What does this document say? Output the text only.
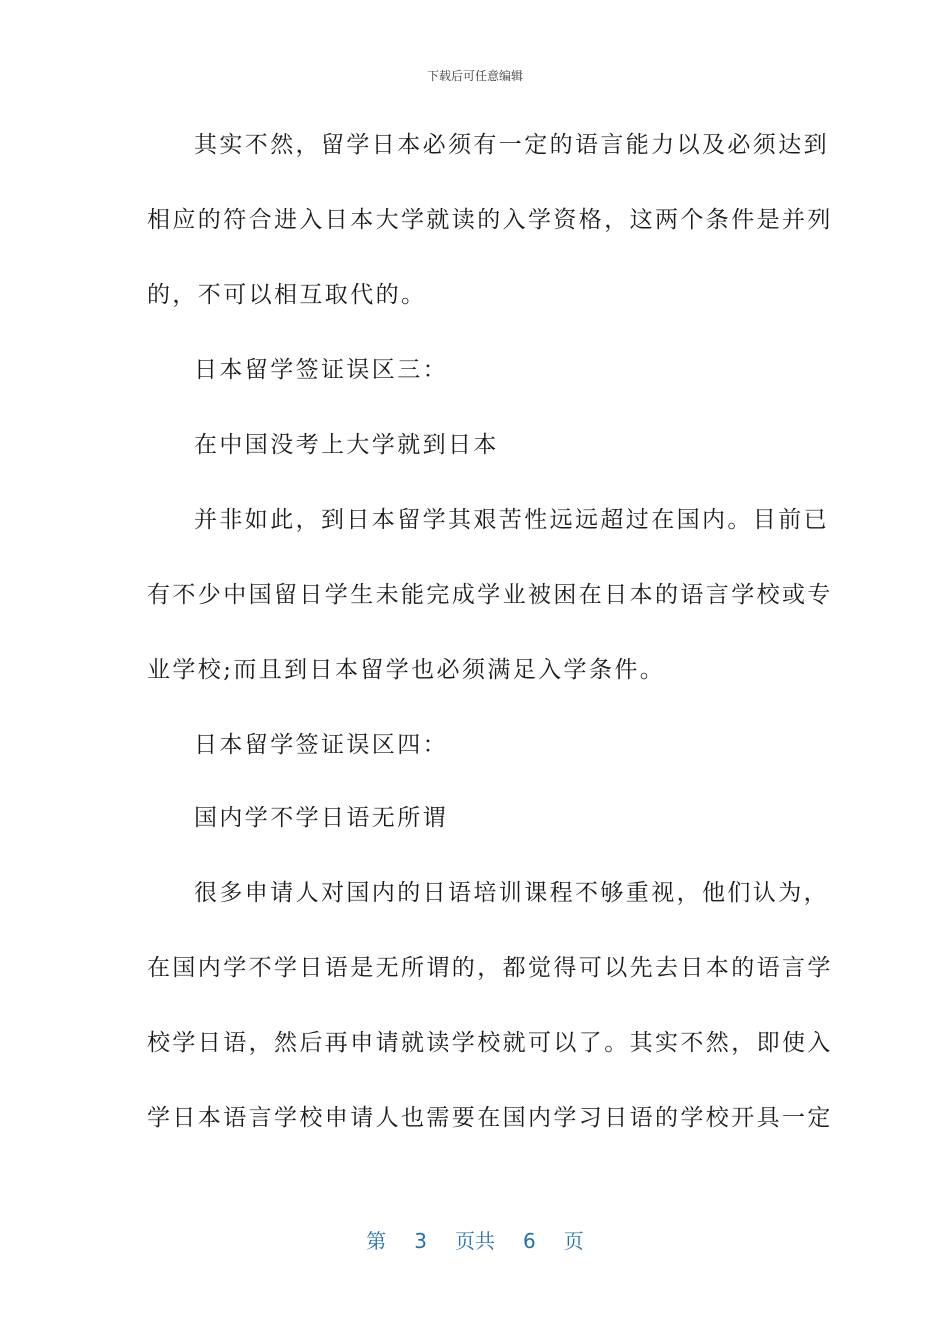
下载后可任意编辑
其实不然，留学日本必须有一定的语言能力以及必须达到
相应的符合进入日本大学就读的入学资格，这两个条件是并列
的，不可以相互取代的。
日本留学签证误区三：
在中国没考上大学就到日本
并非如此，到日本留学其艰苦性远远超过在国内。目前已
有不少中国留日学生未能完成学业被困在日本的语言学校或专
业学校;而且到日本留学也必须满足入学条件。
日本留学签证误区四：
国内学不学日语无所谓
很多申请人对国内的日语培训课程不够重视，他们认为，
在国内学不学日语是无所谓的，都觉得可以先去日本的语言学
校学日语，然后再申请就读学校就可以了。其实不然，即使入
学日本语言学校申请人也需要在国内学习日语的学校开具一定
第 3 页共 6 页
